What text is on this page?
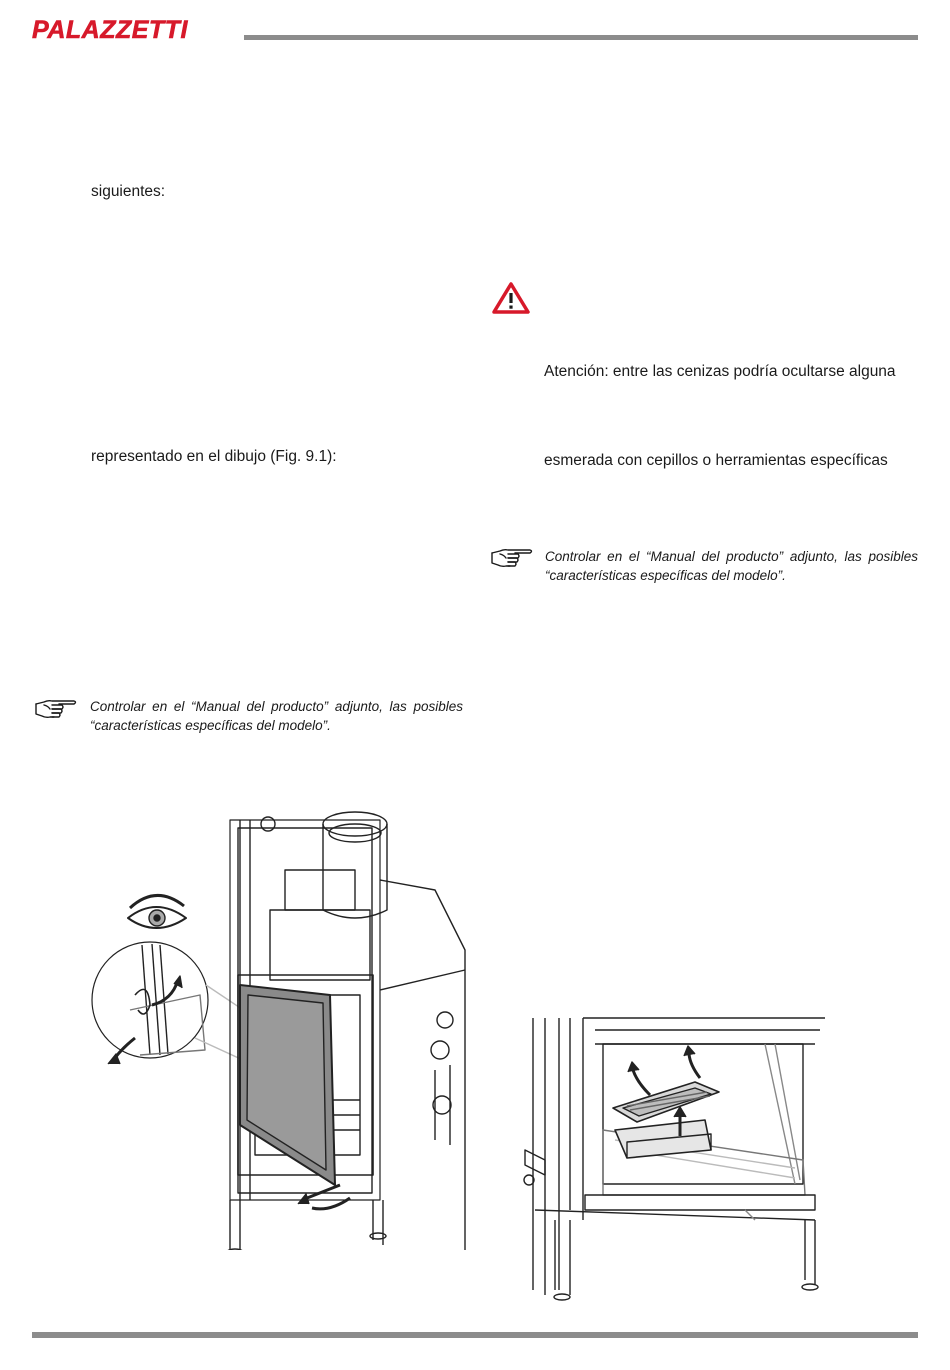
PALAZZETTI
siguientes:
representado en el dibujo (Fig. 9.1):
Controlar en el “Manual del producto” adjunto, las posibles “características específicas del modelo”.
Atención: entre las cenizas podría ocultarse alguna
esmerada con cepillos o herramientas específicas
Controlar en el “Manual del producto” adjunto, las posibles “características específicas del modelo”.
